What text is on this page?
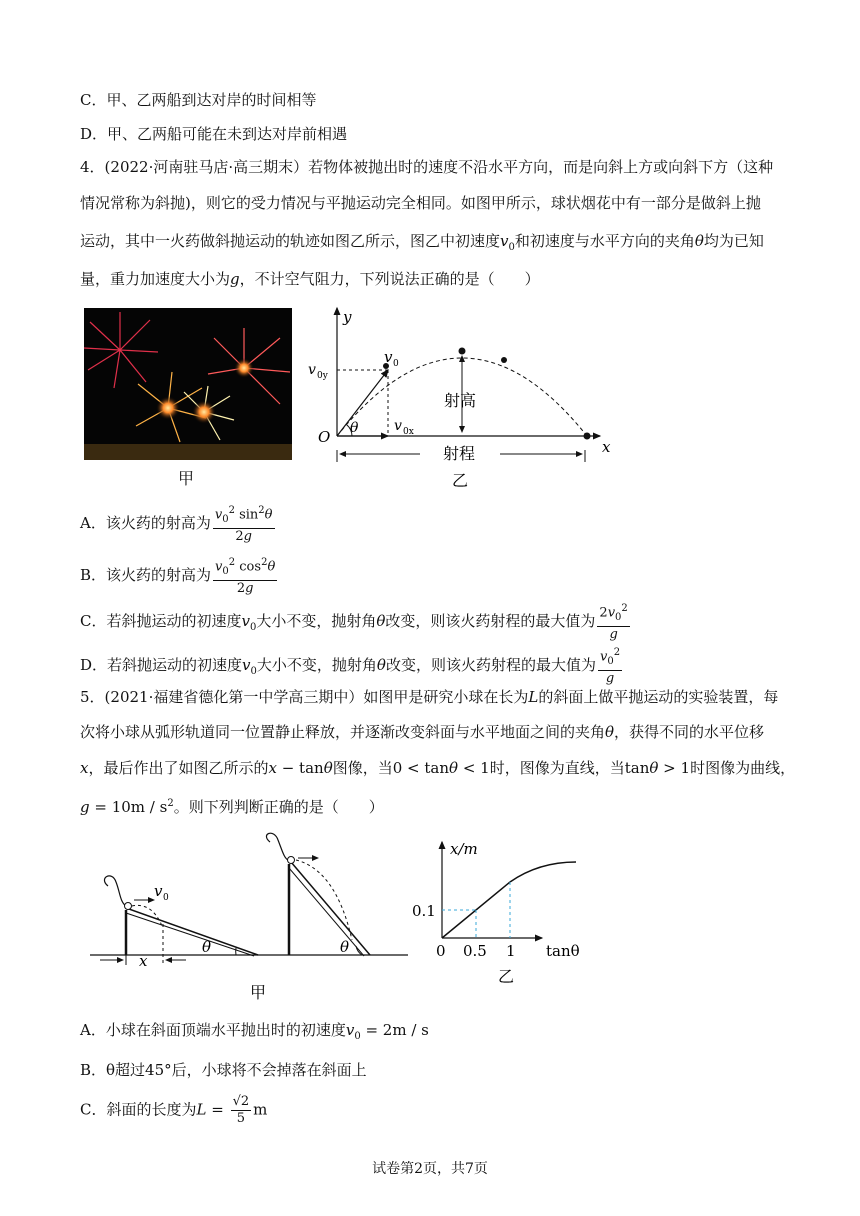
C．甲、乙两船到达对岸的时间相等
D．甲、乙两船可能在未到达对岸前相遇
4．(2022·河南驻马店·高三期末）若物体被抛出时的速度不沿水平方向，而是向斜上方或向斜下方（这种
情况常称为斜抛)，则它的受力情况与平抛运动完全相同。如图甲所示，球状烟花中有一部分是做斜上抛
运动，其中一火药做斜抛运动的轨迹如图乙所示，图乙中初速度$v_0$和初速度与水平方向的夹角θ均为已知
量，重力加速度大小为g，不计空气阻力，下列说法正确的是（　　）
甲
y
x
O
v 0
v 0y
v 0x
θ
射高
射程
乙
A．该火药的射高为 $\frac{v_0^2 \sin^2\theta}{2g}$
B．该火药的射高为 $\frac{v_0^2 \cos^2\theta}{2g}$
C．若斜抛运动的初速度$v_0$大小不变，抛射角θ改变，则该火药射程的最大值为 $\frac{2v_0^2}{g}$
D．若斜抛运动的初速度$v_0$大小不变，抛射角θ改变，则该火药射程的最大值为 $\frac{v_0^2}{g}$
5．(2021·福建省德化第一中学高三期中）如图甲是研究小球在长为L的斜面上做平抛运动的实验装置，每
次将小球从弧形轨道同一位置静止释放，并逐渐改变斜面与水平地面之间的夹角θ，获得不同的水平位移
x，最后作出了如图乙所示的x − tanθ图像，当0 < tanθ < 1时，图像为直线，当tanθ > 1时图像为曲线，
$g = 10m / s^2$。则下列判断正确的是（　　）
v 0
θ
x
θ
甲
x/m
0.1
0 0.5 1 tanθ
乙
A．小球在斜面顶端水平抛出时的初速度$v_0 = 2m / s$
B．θ超过45°后，小球将不会掉落在斜面上
C．斜面的长度为$L = \frac{√2}{5}$ m
试卷第2页，共7页
